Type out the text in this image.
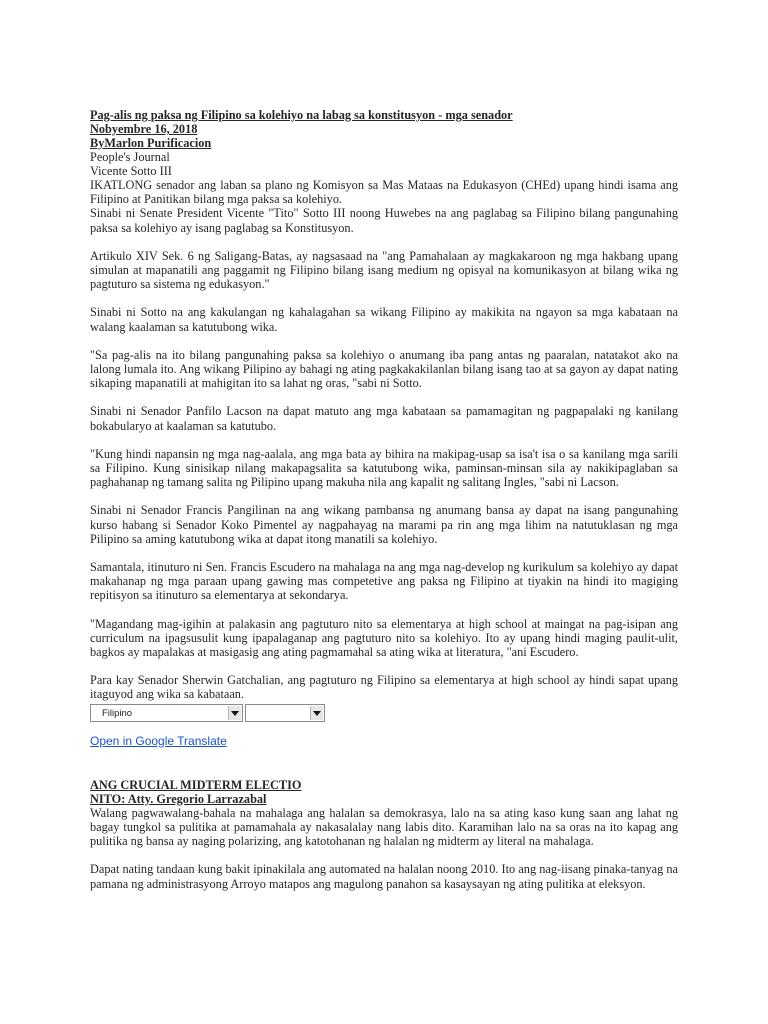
Pag-alis ng paksa ng Filipino sa kolehiyo na labag sa konstitusyon - mga senador

Nobyembre 16, 2018

ByMarlon Purificacion

People's Journal

Vicente Sotto III

IKATLONG senador ang laban sa plano ng Komisyon sa Mas Mataas na Edukasyon (CHEd) upang hindi isama ang Filipino at Panitikan bilang mga paksa sa kolehiyo.

Sinabi ni Senate President Vicente "Tito" Sotto III noong Huwebes na ang paglabag sa Filipino bilang pangunahing paksa sa kolehiyo ay isang paglabag sa Konstitusyon.

Artikulo XIV Sek. 6 ng Saligang-Batas, ay nagsasaad na "ang Pamahalaan ay magkakaroon ng mga hakbang upang simulan at mapanatili ang paggamit ng Filipino bilang isang medium ng opisyal na komunikasyon at bilang wika ng pagtuturo sa sistema ng edukasyon."

Sinabi ni Sotto na ang kakulangan ng kahalagahan sa wikang Filipino ay makikita na ngayon sa mga kabataan na walang kaalaman sa katutubong wika.

"Sa pag-alis na ito bilang pangunahing paksa sa kolehiyo o anumang iba pang antas ng paaralan, natatakot ako na lalong lumala ito. Ang wikang Pilipino ay bahagi ng ating pagkakakilanlan bilang isang tao at sa gayon ay dapat nating sikaping mapanatili at mahigitan ito sa lahat ng oras, "sabi ni Sotto.

Sinabi ni Senador Panfilo Lacson na dapat matuto ang mga kabataan sa pamamagitan ng pagpapalaki ng kanilang bokabularyo at kaalaman sa katutubo.

"Kung hindi napansin ng mga nag-aalala, ang mga bata ay bihira na makipag-usap sa isa't isa o sa kanilang mga sarili sa Filipino. Kung sinisikap nilang makapagsalita sa katutubong wika, paminsan-minsan sila ay nakikipaglaban sa paghahanap ng tamang salita ng Pilipino upang makuha nila ang kapalit ng salitang Ingles, "sabi ni Lacson.

Sinabi ni Senador Francis Pangilinan na ang wikang pambansa ng anumang bansa ay dapat na isang pangunahing kurso habang si Senador Koko Pimentel ay nagpahayag na marami pa rin ang mga lihim na natutuklasan ng mga Pilipino sa aming katutubong wika at dapat itong manatili sa kolehiyo.

Samantala, itinuturo ni Sen. Francis Escudero na mahalaga na ang mga nag-develop ng kurikulum sa kolehiyo ay dapat makahanap ng mga paraan upang gawing mas competetive ang paksa ng Filipino at tiyakin na hindi ito magiging repitisyon sa itinuturo sa elementarya at sekondarya.

"Magandang mag-igihin at palakasin ang pagtuturo nito sa elementarya at high school at maingat na pag-isipan ang curriculum na ipagsusulit kung ipapalaganap ang pagtuturo nito sa kolehiyo. Ito ay upang hindi maging paulit-ulit, bagkos ay mapalakas at masigasig ang ating pagmamahal sa ating wika at literatura, "ani Escudero.

Para kay Senador Sherwin Gatchalian, ang pagtuturo ng Filipino sa elementarya at high school ay hindi sapat upang itaguyod ang wika sa kabataan.

Filipino
Open in Google Translate

ANG CRUCIAL MIDTERM ELECTIO

NITO: Atty. Gregorio Larrazabal

Walang pagwawalang-bahala na mahalaga ang halalan sa demokrasya, lalo na sa ating kaso kung saan ang lahat ng bagay tungkol sa pulitika at pamamahala ay nakasalalay nang labis dito. Karamihan lalo na sa oras na ito kapag ang pulitika ng bansa ay naging polarizing, ang katotohanan ng halalan ng midterm ay literal na mahalaga.

Dapat nating tandaan kung bakit ipinakilala ang automated na halalan noong 2010. Ito ang nag-iisang pinaka-tanyag na pamana ng administrasyong Arroyo matapos ang magulong panahon sa kasaysayan ng ating pulitika at eleksyon.
